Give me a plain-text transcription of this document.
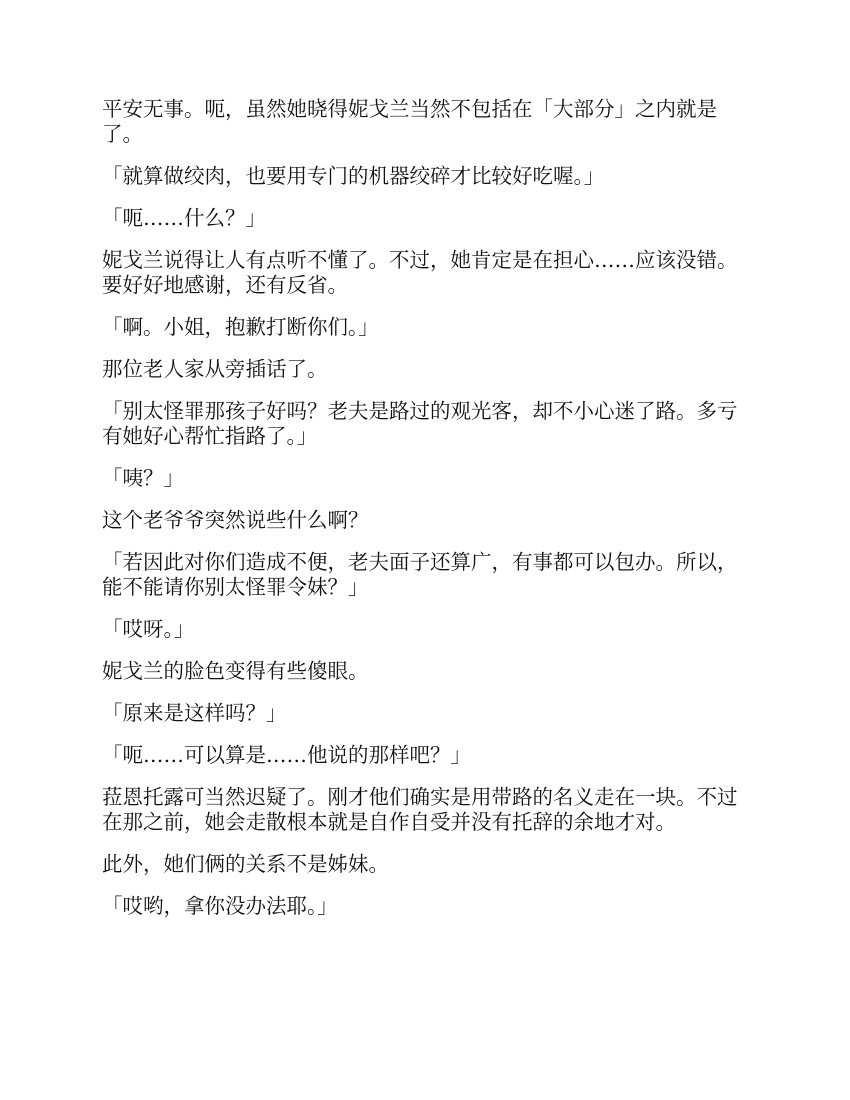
平安无事。呃，虽然她晓得妮戈兰当然不包括在「大部分」之内就是了。

「就算做绞肉，也要用专门的机器绞碎才比较好吃喔。」

「呃……什么？」

妮戈兰说得让人有点听不懂了。不过，她肯定是在担心……应该没错。要好好地感谢，还有反省。

「啊。小姐，抱歉打断你们。」

那位老人家从旁插话了。

「别太怪罪那孩子好吗？老夫是路过的观光客，却不小心迷了路。多亏有她好心帮忙指路了。」

「咦？」

这个老爷爷突然说些什么啊？

「若因此对你们造成不便，老夫面子还算广，有事都可以包办。所以，能不能请你别太怪罪令妹？」

「哎呀。」

妮戈兰的脸色变得有些傻眼。

「原来是这样吗？」

「呃……可以算是……他说的那样吧？」

菈恩托露可当然迟疑了。刚才他们确实是用带路的名义走在一块。不过在那之前，她会走散根本就是自作自受并没有托辞的余地才对。

此外，她们俩的关系不是姊妹。

「哎哟，拿你没办法耶。」
